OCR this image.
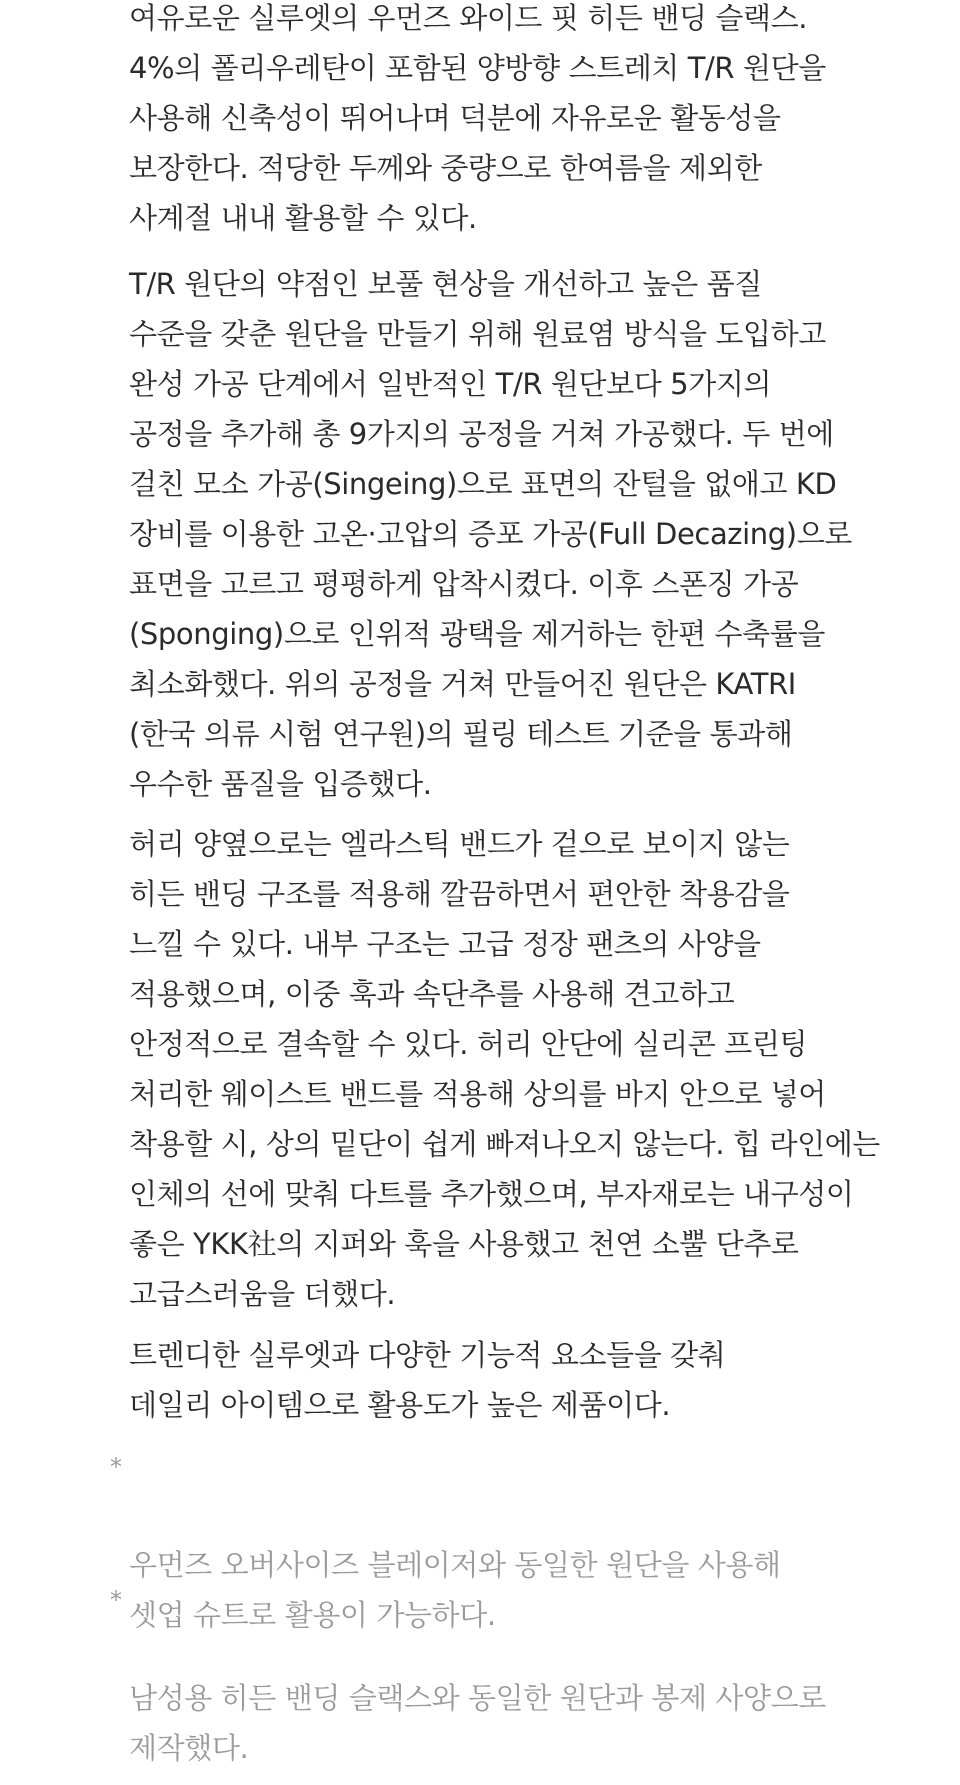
여유로운 실루엣의 우먼즈 와이드 핏 히든 밴딩 슬랙스.
4%의 폴리우레탄이 포함된 양방향 스트레치 T/R 원단을
사용해 신축성이 뛰어나며 덕분에 자유로운 활동성을
보장한다. 적당한 두께와 중량으로 한여름을 제외한
사계절 내내 활용할 수 있다.

T/R 원단의 약점인 보풀 현상을 개선하고 높은 품질
수준을 갖춘 원단을 만들기 위해 원료염 방식을 도입하고
완성 가공 단계에서 일반적인 T/R 원단보다 5가지의
공정을 추가해 총 9가지의 공정을 거쳐 가공했다. 두 번에
걸친 모소 가공(Singeing)으로 표면의 잔털을 없애고 KD
장비를 이용한 고온·고압의 증포 가공(Full Decazing)으로
표면을 고르고 평평하게 압착시켰다. 이후 스폰징 가공
(Sponging)으로 인위적 광택을 제거하는 한편 수축률을
최소화했다. 위의 공정을 거쳐 만들어진 원단은 KATRI
(한국 의류 시험 연구원)의 필링 테스트 기준을 통과해
우수한 품질을 입증했다.

허리 양옆으로는 엘라스틱 밴드가 겉으로 보이지 않는
히든 밴딩 구조를 적용해 깔끔하면서 편안한 착용감을
느낄 수 있다. 내부 구조는 고급 정장 팬츠의 사양을
적용했으며, 이중 훅과 속단추를 사용해 견고하고
안정적으로 결속할 수 있다. 허리 안단에 실리콘 프린팅
처리한 웨이스트 밴드를 적용해 상의를 바지 안으로 넣어
착용할 시, 상의 밑단이 쉽게 빠져나오지 않는다. 힙 라인에는
인체의 선에 맞춰 다트를 추가했으며, 부자재로는 내구성이
좋은 YKK社의 지퍼와 훅을 사용했고 천연 소뿔 단추로
고급스러움을 더했다.

트렌디한 실루엣과 다양한 기능적 요소들을 갖춰
데일리 아이템으로 활용도가 높은 제품이다.

*

우먼즈 오버사이즈 블레이저와 동일한 원단을 사용해
셋업 슈트로 활용이 가능하다.

*

남성용 히든 밴딩 슬랙스와 동일한 원단과 봉제 사양으로
제작했다.
